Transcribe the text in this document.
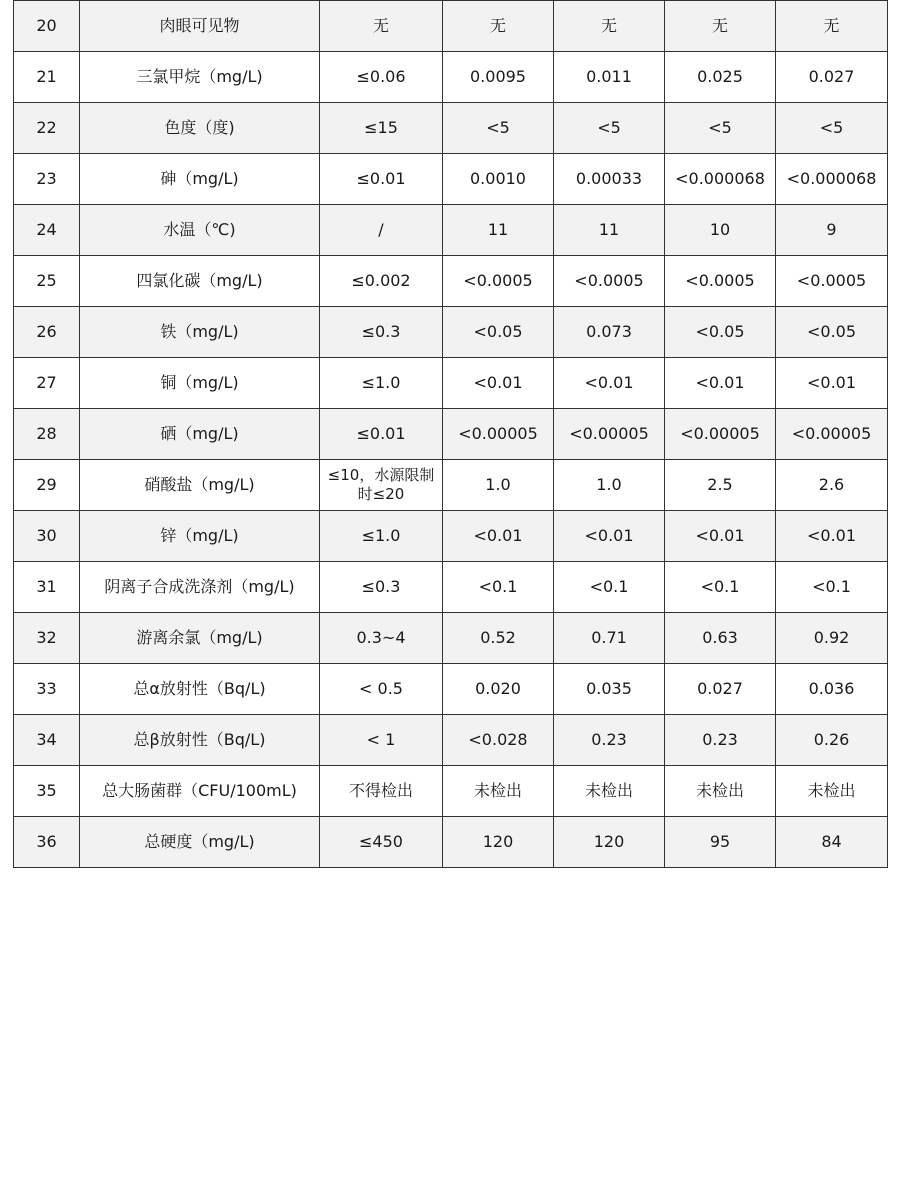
20	肉眼可见物	无	无	无	无	无
21	三氯甲烷（mg/L)	≤0.06	0.0095	0.011	0.025	0.027
22	色度（度)	≤15	<5	<5	<5	<5
23	砷（mg/L)	≤0.01	0.0010	0.00033	<0.000068	<0.000068
24	水温（℃)	/	11	11	10	9
25	四氯化碳（mg/L)	≤0.002	<0.0005	<0.0005	<0.0005	<0.0005
26	铁（mg/L)	≤0.3	<0.05	0.073	<0.05	<0.05
27	铜（mg/L)	≤1.0	<0.01	<0.01	<0.01	<0.01
28	硒（mg/L)	≤0.01	<0.00005	<0.00005	<0.00005	<0.00005
29	硝酸盐（mg/L)	≤10，水源限制时≤20	1.0	1.0	2.5	2.6
30	锌（mg/L)	≤1.0	<0.01	<0.01	<0.01	<0.01
31	阴离子合成洗涤剂（mg/L)	≤0.3	<0.1	<0.1	<0.1	<0.1
32	游离余氯（mg/L)	0.3~4	0.52	0.71	0.63	0.92
33	总α放射性（Bq/L)	< 0.5	0.020	0.035	0.027	0.036
34	总β放射性（Bq/L)	< 1	<0.028	0.23	0.23	0.26
35	总大肠菌群（CFU/100mL)	不得检出	未检出	未检出	未检出	未检出
36	总硬度（mg/L)	≤450	120	120	95	84
